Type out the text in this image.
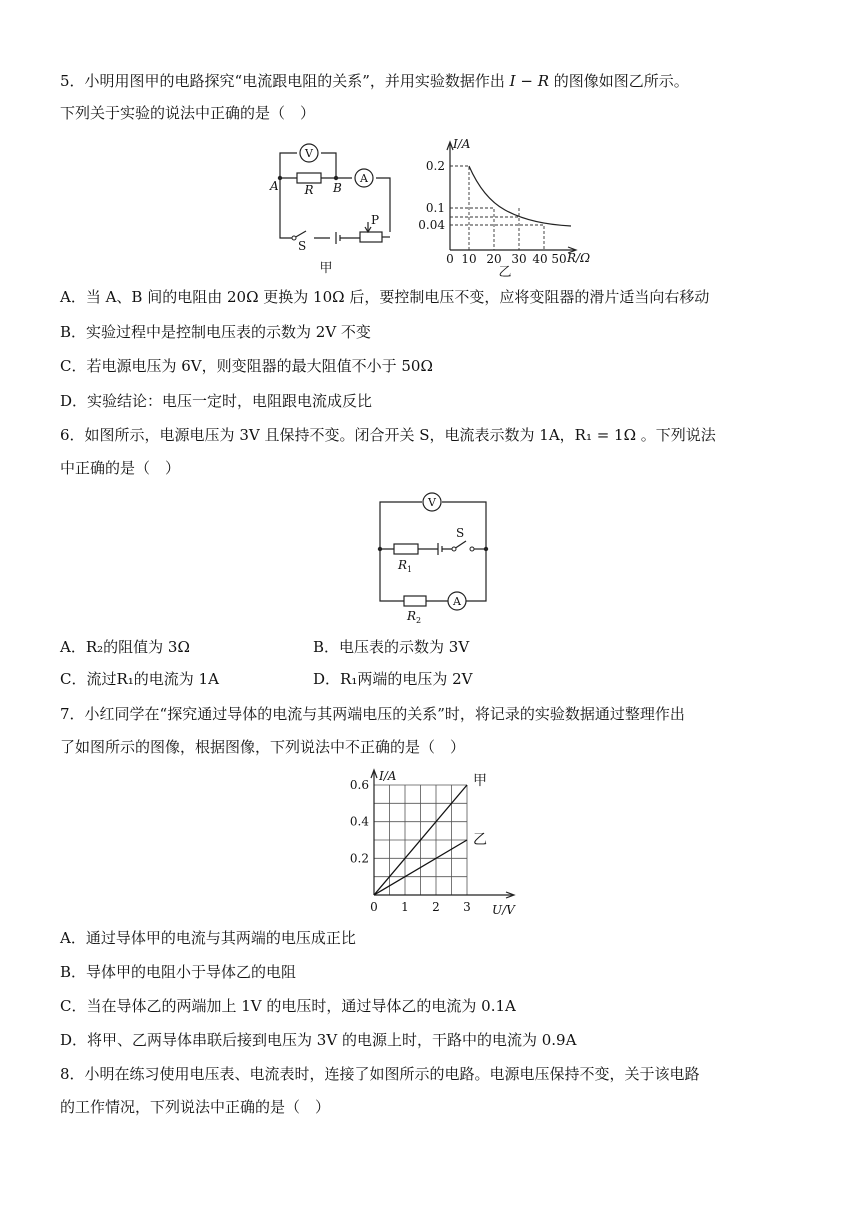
5．小明用图甲的电路探究“电流跟电阻的关系”，并用实验数据作出 I − R 的图像如图乙所示。
下列关于实验的说法中正确的是（　）
V
A
R
A	B
S
P
甲
I/A
R/Ω
0.2
0.1
0.04
0 10 20 30 40 50
乙
A．当 A、B 间的电阻由 20Ω 更换为 10Ω 后，要控制电压不变，应将变阻器的滑片适当向右移动
B．实验过程中是控制电压表的示数为 2V 不变
C．若电源电压为 6V，则变阻器的最大阻值不小于 50Ω
D．实验结论：电压一定时，电阻跟电流成反比
6．如图所示，电源电压为 3V 且保持不变。闭合开关 S，电流表示数为 1A，R₁ = 1Ω 。下列说法
中正确的是（　）
V
S
R 1
R 2
A
A．R₂的阻值为 3Ω	B．电压表的示数为 3V
C．流过R₁的电流为 1A	D．R₁两端的电压为 2V
7．小红同学在“探究通过导体的电流与其两端电压的关系”时，将记录的实验数据通过整理作出
了如图所示的图像，根据图像，下列说法中不正确的是（　）
甲
乙
I/A
U/V
0 1 2 3
0.2
0.4
0.6
A．通过导体甲的电流与其两端的电压成正比
B．导体甲的电阻小于导体乙的电阻
C．当在导体乙的两端加上 1V 的电压时，通过导体乙的电流为 0.1A
D．将甲、乙两导体串联后接到电压为 3V 的电源上时，干路中的电流为 0.9A
8．小明在练习使用电压表、电流表时，连接了如图所示的电路。电源电压保持不变，关于该电路
的工作情况，下列说法中正确的是（　）
